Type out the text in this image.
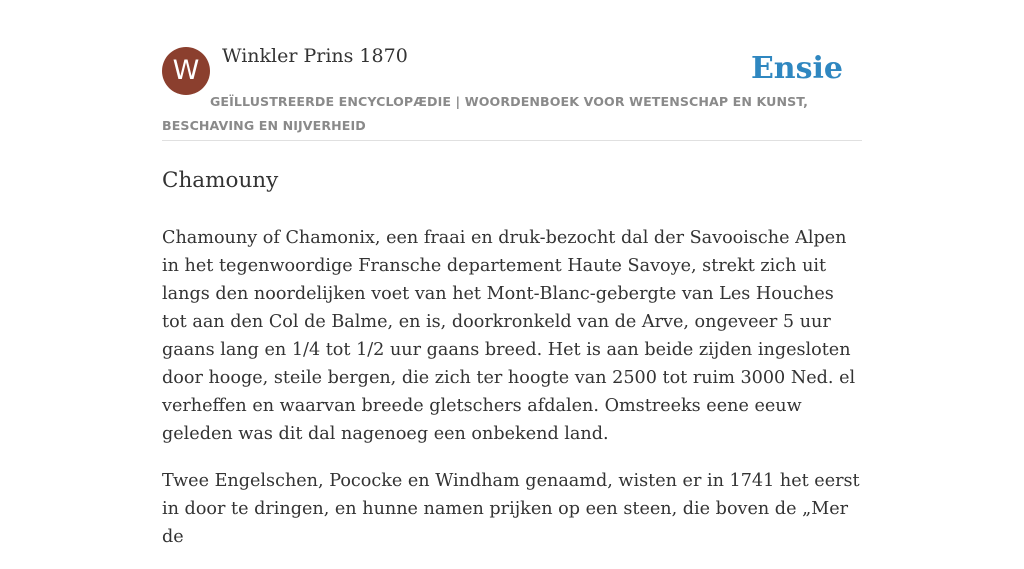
W	Winkler Prins 1870	Ensie
GEÏLLUSTREERDE ENCYCLOPÆDIE | WOORDENBOEK VOOR WETENSCHAP EN KUNST, BESCHAVING EN NIJVERHEID
Chamouny

Chamouny of Chamonix, een fraai en druk-bezocht dal der Savooische Alpen in het tegenwoordige Fransche departement Haute Savoye, strekt zich uit langs den noordelijken voet van het Mont-Blanc-gebergte van Les Houches tot aan den Col de Balme, en is, doorkronkeld van de Arve, ongeveer 5 uur gaans lang en 1/4 tot 1/2 uur gaans breed. Het is aan beide zijden ingesloten door hooge, steile bergen, die zich ter hoogte van 2500 tot ruim 3000 Ned. el verheffen en waarvan breede gletschers afdalen. Omstreeks eene eeuw geleden was dit dal nagenoeg een onbekend land.

Twee Engelschen, Pococke en Windham genaamd, wisten er in 1741 het eerst in door te dringen, en hunne namen prijken op een steen, die boven de „Mer de
